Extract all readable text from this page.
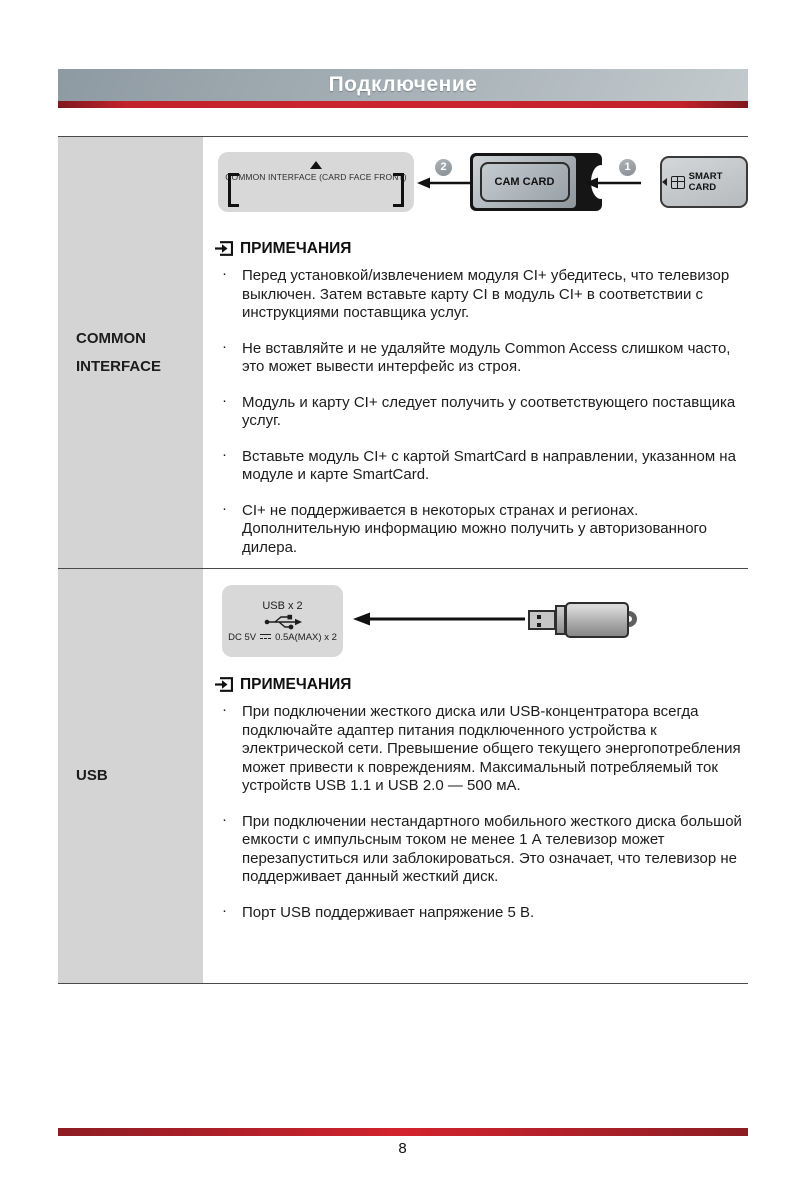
Подключение
COMMON
INTERFACE
COMMON INTERFACE (CARD FACE FRONT)
2
CAM CARD
1
SMART CARD
ПРИМЕЧАНИЯ
· Перед установкой/извлечением модуля CI+ убедитесь, что телевизор выключен. Затем вставьте карту CI в модуль CI+ в соответствии с инструкциями поставщика услуг.
· Не вставляйте и не удаляйте модуль Common Access слишком часто, это может вывести интерфейс из строя.
· Модуль и карту CI+ следует получить у соответствующего поставщика услуг.
· Вставьте модуль CI+ с картой SmartCard в направлении, указанном на модуле и карте SmartCard.
· CI+ не поддерживается в некоторых странах и регионах. Дополнительную информацию можно получить у авторизованного дилера.
USB
USB x 2
DC 5V 0.5A(MAX) x 2
ПРИМЕЧАНИЯ
· При подключении жесткого диска или USB-концентратора всегда подключайте адаптер питания подключенного устройства к электрической сети. Превышение общего текущего энергопотребления может привести к повреждениям. Максимальный потребляемый ток устройств USB 1.1 и USB 2.0 — 500 мА.
· При подключении нестандартного мобильного жесткого диска большой емкости с импульсным током не менее 1 А телевизор может перезапуститься или заблокироваться. Это означает, что телевизор не поддерживает данный жесткий диск.
· Порт USB поддерживает напряжение 5 В.
8
